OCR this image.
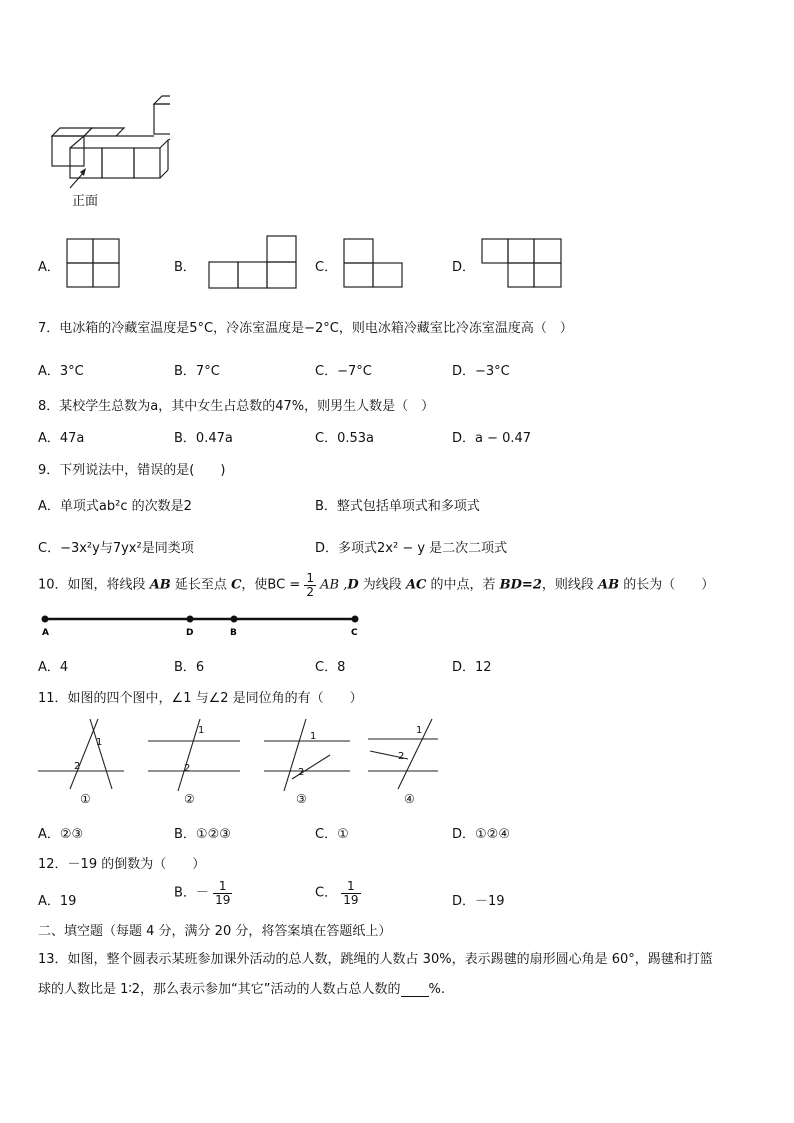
正面
A．	B．	C．	D．
7．电冰箱的冷藏室温度是5°C，冷冻室温度是−2°C，则电冰箱冷藏室比冷冻室温度高（　）
A．3°C	B．7°C	C．−7°C	D．−3°C
8．某校学生总数为a，其中女生占总数的47%，则男生人数是（　）
A．47a	B．0.47a	C．0.53a	D．a − 0.47
9．下列说法中，错误的是(　　)
A．单项式ab²c 的次数是2	B．整式包括单项式和多项式
C．−3x²y与7yx²是同类项	D．多项式2x² − y 是二次二项式
10．如图，将线段 AB 延长至点 C，使BC = $\frac{1}{2}$ AB ,D 为线段 AC 的中点，若 BD=2，则线段 AB 的长为（　　）
A	D	B	C
A．4	B．6	C．8	D．12
11．如图的四个图中，∠1 与∠2 是同位角的有（　　）
1
2
1
2
1
2
1
2
①	②	③	④
A．②③	B．①②③	C．①	D．①②④
12．－19 的倒数为（　　）
A．19
B．－ $\frac{1}{19}$	C． $\frac{1}{19}$	D．－19
二、填空题（每题 4 分，满分 20 分，将答案填在答题纸上）
13．如图，整个圆表示某班参加课外活动的总人数，跳绳的人数占 30%，表示踢毽的扇形圆心角是 60°，踢毽和打篮
球的人数比是 1∶2，那么表示参加“其它”活动的人数占总人数的 %.
